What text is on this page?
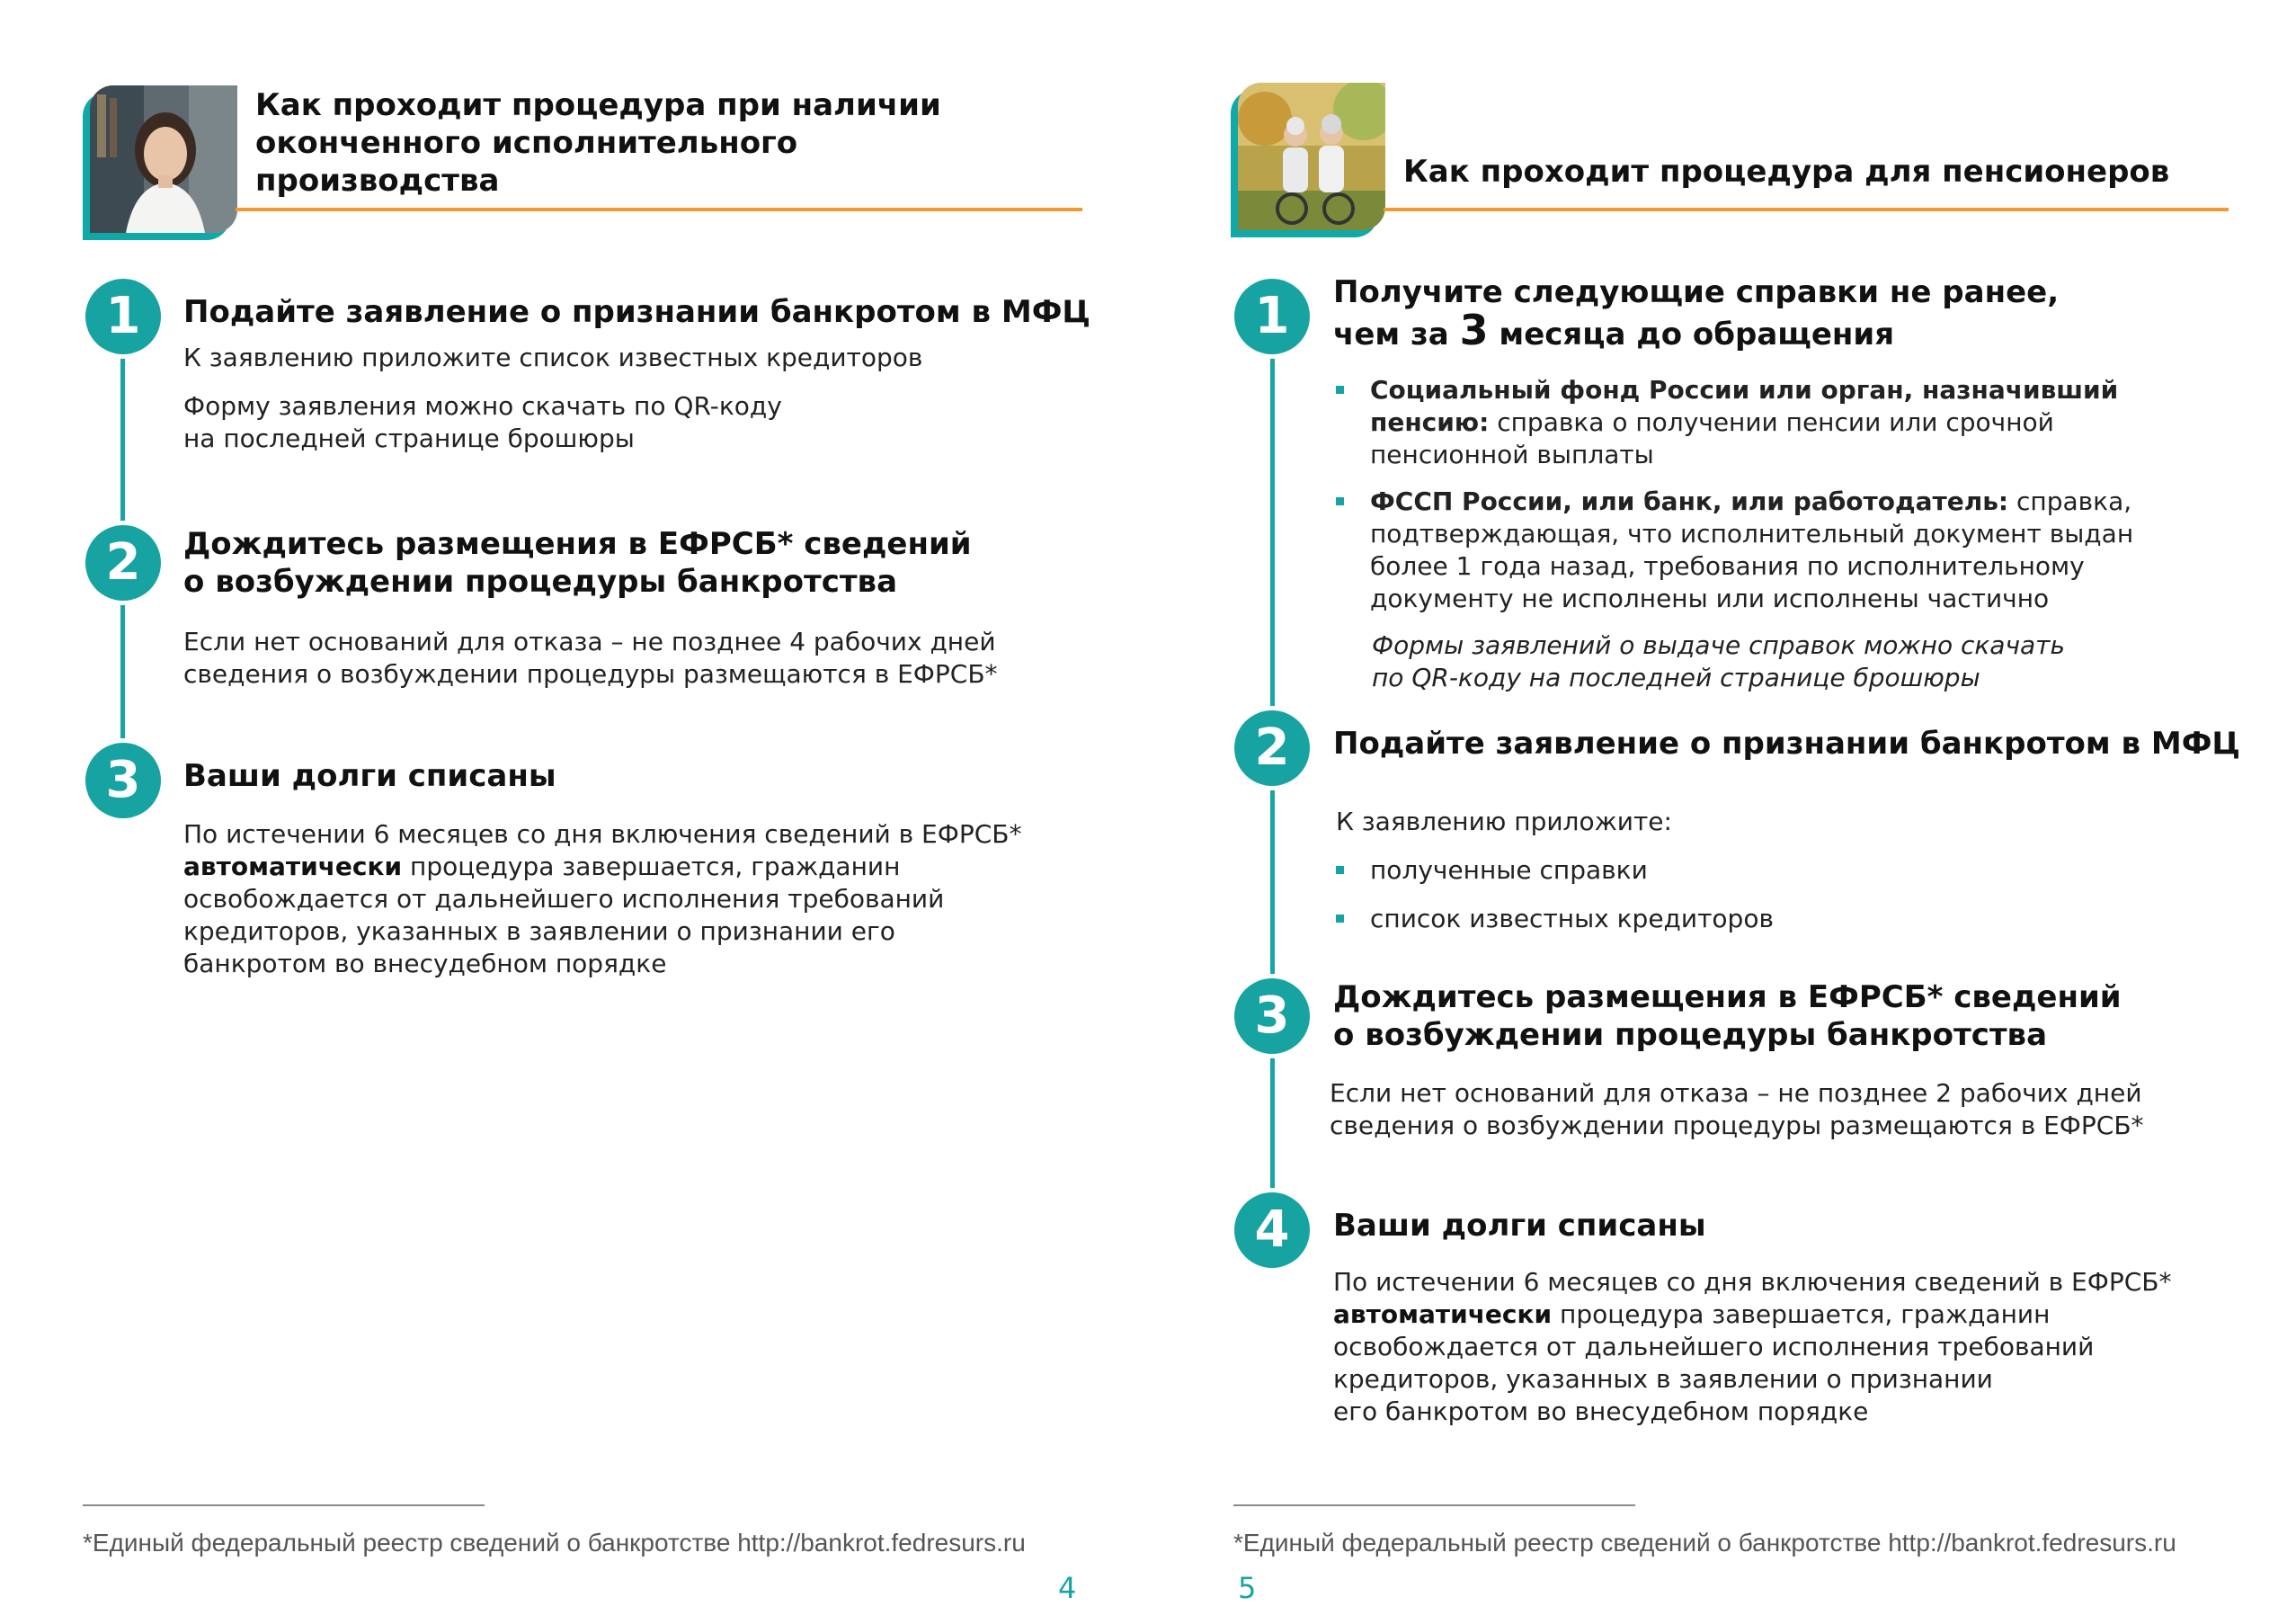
Как проходит процедура при наличии
оконченного исполнительного
производства
1	Подайте заявление о признании банкротом в МФЦ
К заявлению приложите список известных кредиторов
Форму заявления можно скачать по QR-коду
на последней странице брошюры
2	Дождитесь размещения в ЕФРСБ* сведений
о возбуждении процедуры банкротства
Если нет оснований для отказа – не позднее 4 рабочих дней
сведения о возбуждении процедуры размещаются в ЕФРСБ*
3	Ваши долги списаны
По истечении 6 месяцев со дня включения сведений в ЕФРСБ*
автоматически процедура завершается, гражданин
освобождается от дальнейшего исполнения требований
кредиторов, указанных в заявлении о признании его
банкротом во внесудебном порядке
*Единый федеральный реестр сведений о банкротстве http://bankrot.fedresurs.ru
4
Как проходит процедура для пенсионеров
1	Получите следующие справки не ранее,
чем за 3 месяца до обращения
Социальный фонд России или орган, назначивший
пенсию: справка о получении пенсии или срочной
пенсионной выплаты
ФССП России, или банк, или работодатель: справка,
подтверждающая, что исполнительный документ выдан
более 1 года назад, требования по исполнительному
документу не исполнены или исполнены частично
Формы заявлений о выдаче справок можно скачать
по QR-коду на последней странице брошюры
2	Подайте заявление о признании банкротом в МФЦ
К заявлению приложите:
полученные справки
список известных кредиторов
3	Дождитесь размещения в ЕФРСБ* сведений
о возбуждении процедуры банкротства
Если нет оснований для отказа – не позднее 2 рабочих дней
сведения о возбуждении процедуры размещаются в ЕФРСБ*
4	Ваши долги списаны
По истечении 6 месяцев со дня включения сведений в ЕФРСБ*
автоматически процедура завершается, гражданин
освобождается от дальнейшего исполнения требований
кредиторов, указанных в заявлении о признании
его банкротом во внесудебном порядке
*Единый федеральный реестр сведений о банкротстве http://bankrot.fedresurs.ru
5
